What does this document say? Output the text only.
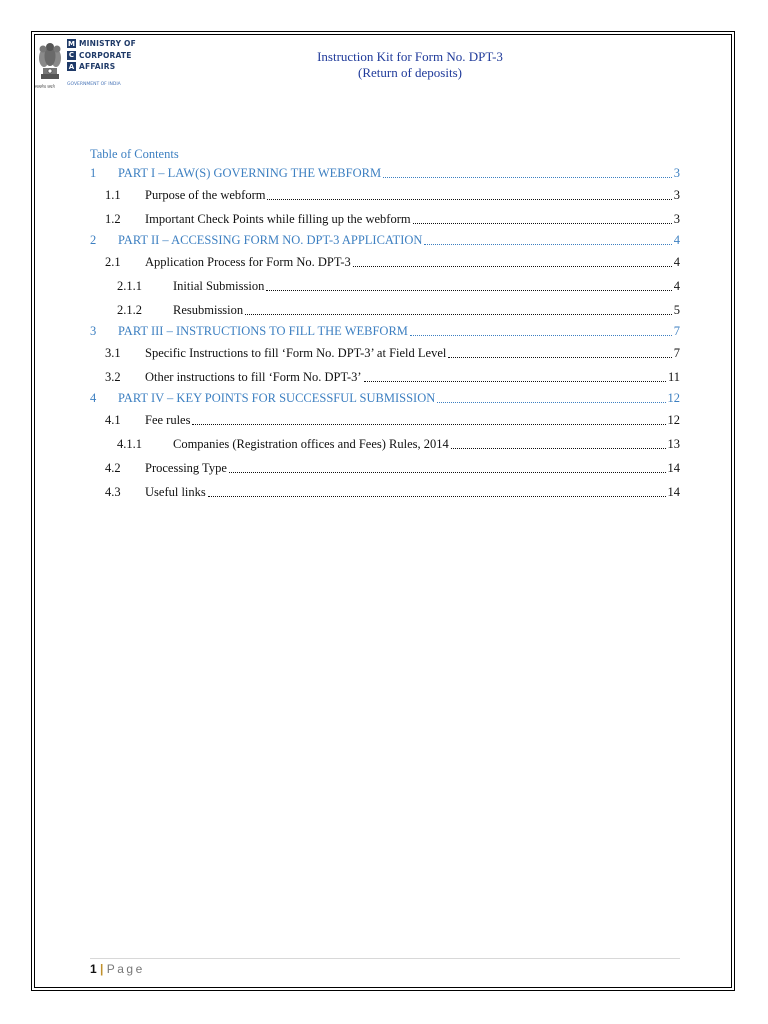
सत्यमेव जयते
M MINISTRY OF
C CORPORATE
A AFFAIRS
GOVERNMENT OF INDIA
Instruction Kit for Form No. DPT-3
(Return of deposits)
Table of Contents
1	PART I – LAW(S) GOVERNING THE WEBFORM	3
1.1	Purpose of the webform	3
1.2	Important Check Points while filling up the webform	3
2	PART II – ACCESSING FORM NO. DPT-3 APPLICATION	4
2.1	Application Process for Form No. DPT-3	4
2.1.1	Initial Submission	4
2.1.2	Resubmission	5
3	PART III – INSTRUCTIONS TO FILL THE WEBFORM	7
3.1	Specific Instructions to fill ‘Form No. DPT-3’ at Field Level	7
3.2	Other instructions to fill ‘Form No. DPT-3’	11
4	PART IV – KEY POINTS FOR SUCCESSFUL SUBMISSION	12
4.1	Fee rules	12
4.1.1	Companies (Registration offices and Fees) Rules, 2014	13
4.2	Processing Type	14
4.3	Useful links	14
1 | Page
